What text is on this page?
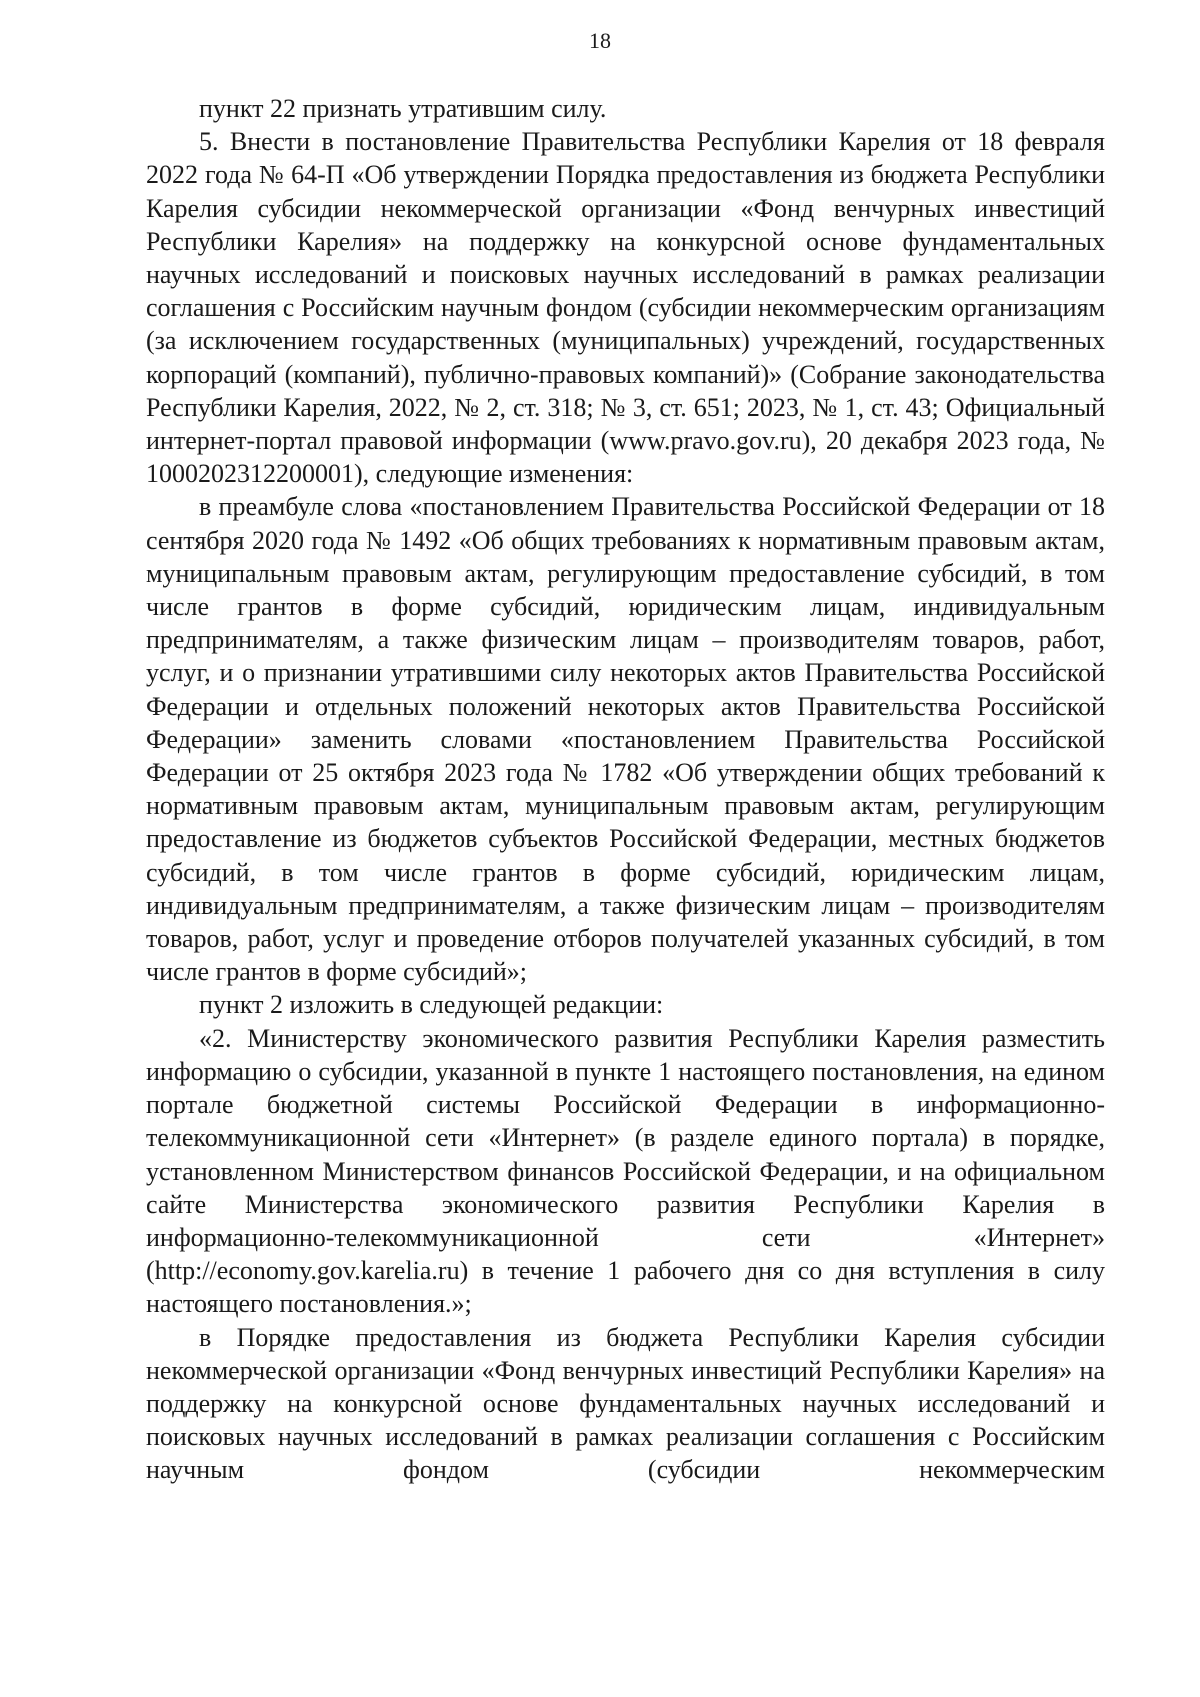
18

пункт 22 признать утратившим силу.

5. Внести в постановление Правительства Республики Карелия от 18 февраля 2022 года № 64-П «Об утверждении Порядка предоставления из бюджета Республики Карелия субсидии некоммерческой организации «Фонд венчурных инвестиций Республики Карелия» на поддержку на конкурсной основе фундаментальных научных исследований и поисковых научных исследований в рамках реализации соглашения с Российским научным фондом (субсидии некоммерческим организациям (за исключением государственных (муниципальных) учреждений, государственных корпораций (компаний), публично-правовых компаний)» (Собрание законодательства Республики Карелия, 2022, № 2, ст. 318; № 3, ст. 651; 2023, № 1, ст. 43; Официальный интернет-портал правовой информации (www.pravo.gov.ru), 20 декабря 2023 года, № 1000202312200001), следующие изменения:

в преамбуле слова «постановлением Правительства Российской Федерации от 18 сентября 2020 года № 1492 «Об общих требованиях к нормативным правовым актам, муниципальным правовым актам, регулирующим предоставление субсидий, в том числе грантов в форме субсидий, юридическим лицам, индивидуальным предпринимателям, а также физическим лицам – производителям товаров, работ, услуг, и о признании утратившими силу некоторых актов Правительства Российской Федерации и отдельных положений некоторых актов Правительства Российской Федерации» заменить словами «постановлением Правительства Российской Федерации от 25 октября 2023 года № 1782 «Об утверждении общих требований к нормативным правовым актам, муниципальным правовым актам, регулирующим предоставление из бюджетов субъектов Российской Федерации, местных бюджетов субсидий, в том числе грантов в форме субсидий, юридическим лицам, индивидуальным предпринимателям, а также физическим лицам – производителям товаров, работ, услуг и проведение отборов получателей указанных субсидий, в том числе грантов в форме субсидий»;

пункт 2 изложить в следующей редакции:

«2. Министерству экономического развития Республики Карелия разместить информацию о субсидии, указанной в пункте 1 настоящего постановления, на едином портале бюджетной системы Российской Федерации в информационно-телекоммуникационной сети «Интернет» (в разделе единого портала) в порядке, установленном Министерством финансов Российской Федерации, и на официальном сайте Министерства экономического развития Республики Карелия в информационно-телекоммуникационной сети «Интернет» (http://economy.gov.karelia.ru) в течение 1 рабочего дня со дня вступления в силу настоящего постановления.»;

в Порядке предоставления из бюджета Республики Карелия субсидии некоммерческой организации «Фонд венчурных инвестиций Республики Карелия» на поддержку на конкурсной основе фундаментальных научных исследований и поисковых научных исследований в рамках реализации соглашения с Российским научным фондом (субсидии некоммерческим
